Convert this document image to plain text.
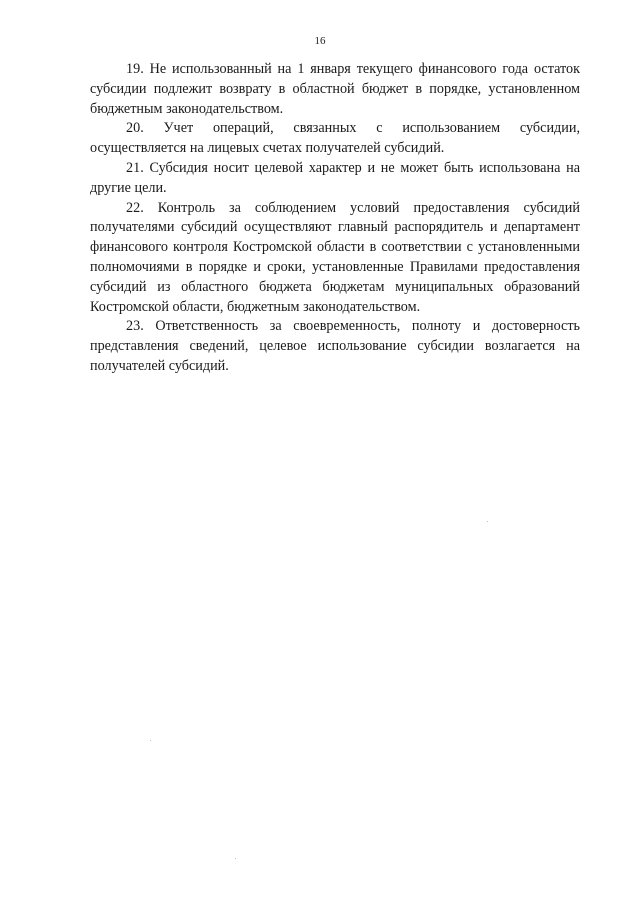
16

19. Не использованный на 1 января текущего финансового года остаток субсидии подлежит возврату в областной бюджет в порядке, установленном бюджетным законодательством.

20. Учет операций, связанных с использованием субсидии, осуществляется на лицевых счетах получателей субсидий.

21. Субсидия носит целевой характер и не может быть использована на другие цели.

22. Контроль за соблюдением условий предоставления субсидий получателями субсидий осуществляют главный распорядитель и департамент финансового контроля Костромской области в соответствии с установленными полномочиями в порядке и сроки, установленные Правилами предоставления субсидий из областного бюджета бюджетам муниципальных образований Костромской области, бюджетным законодательством.

23. Ответственность за своевременность, полноту и достоверность представления сведений, целевое использование субсидии возлагается на получателей субсидий.
